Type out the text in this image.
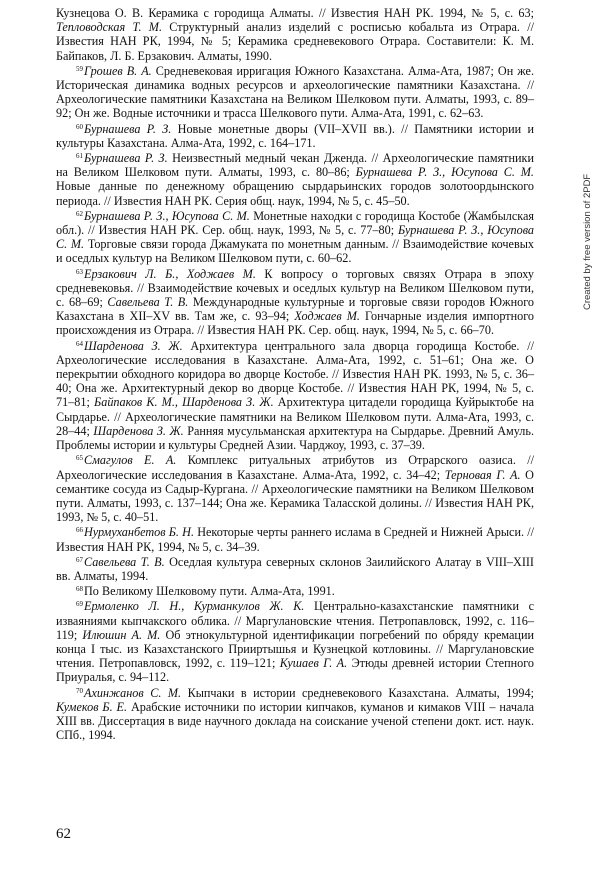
Кузнецова О. В. Керамика с городища Алматы. // Известия НАН РК. 1994, № 5, с. 63; Тепловодская Т. М. Структурный анализ изделий с росписью кобальта из Отрара. // Известия НАН РК, 1994, № 5; Керамика средневекового Отрара. Составители: К. М. Байпаков, Л. Б. Ерзакович. Алматы, 1990.

$^{59}$Грошев В. А. Средневековая ирригация Южного Казахстана. Алма-Ата, 1987; Он же. Историческая динамика водных ресурсов и археологические памятники Казахстана. // Археологические памятники Казахстана на Великом Шелковом пути. Алматы, 1993, с. 89–92; Он же. Водные источники и трасса Шелкового пути. Алма-Ата, 1991, с. 62–63.

$^{60}$Бурнашева Р. З. Новые монетные дворы (VII–XVII вв.). // Памятники истории и культуры Казахстана. Алма-Ата, 1992, с. 164–171.

$^{61}$Бурнашева Р. З. Неизвестный медный чекан Дженда. // Археологические памятники на Великом Шелковом пути. Алматы, 1993, с. 80–86; Бурнашева Р. З., Юсупова С. М. Новые данные по денежному обращению сырдарьинских городов золотоордынского периода. // Известия НАН РК. Серия общ. наук, 1994, № 5, с. 45–50.

$^{62}$Бурнашева Р. З., Юсупова С. М. Монетные находки с городища Костобе (Жамбылская обл.). // Известия НАН РК. Сер. общ. наук, 1993, № 5, с. 77–80; Бурнашева Р. З., Юсупова С. М. Торговые связи города Джамуката по монетным данным. // Взаимодействие кочевых и оседлых культур на Великом Шелковом пути, с. 60–62.

$^{63}$Ерзакович Л. Б., Ходжаев М. К вопросу о торговых связях Отрара в эпоху средневековья. // Взаимодействие кочевых и оседлых культур на Великом Шелковом пути, с. 68–69; Савельева Т. В. Международные культурные и торговые связи городов Южного Казахстана в XII–XV вв. Там же, с. 93–94; Ходжаев М. Гончарные изделия импортного происхождения из Отрара. // Известия НАН РК. Сер. общ. наук, 1994, № 5, с. 66–70.

$^{64}$Шарденова З. Ж. Архитектура центрального зала дворца городища Костобе. // Археологические исследования в Казахстане. Алма-Ата, 1992, с. 51–61; Она же. О перекрытии обходного коридора во дворце Костобе. // Известия НАН РК. 1993, № 5, с. 36–40; Она же. Архитектурный декор во дворце Костобе. // Известия НАН РК, 1994, № 5, с. 71–81; Байпаков К. М., Шарденова З. Ж. Архитектура цитадели городища Куйрыктобе на Сырдарье. // Археологические памятники на Великом Шелковом пути. Алма-Ата, 1993, с. 28–44; Шарденова З. Ж. Ранняя мусульманская архитектура на Сырдарье. Древний Амуль. Проблемы истории и культуры Средней Азии. Чарджоу, 1993, с. 37–39.

$^{65}$Смагулов Е. А. Комплекс ритуальных атрибутов из Отрарского оазиса. // Археологические исследования в Казахстане. Алма-Ата, 1992, с. 34–42; Терновая Г. А. О семантике сосуда из Садыр-Кургана. // Археологические памятники на Великом Шелковом пути. Алматы, 1993, с. 137–144; Она же. Керамика Таласской долины. // Известия НАН РК, 1993, № 5, с. 40–51.

$^{66}$Нурмуханбетов Б. Н. Некоторые черты раннего ислама в Средней и Нижней Арыси. // Известия НАН РК, 1994, № 5, с. 34–39.

$^{67}$Савельева Т. В. Оседлая культура северных склонов Заилийского Алатау в VIII–XIII вв. Алматы, 1994.

$^{68}$По Великому Шелковому пути. Алма-Ата, 1991.

$^{69}$Ермоленко Л. Н., Курманкулов Ж. К. Центрально-казахстанские памятники с изваяниями кыпчакского облика. // Маргулановские чтения. Петропавловск, 1992, с. 116–119; Илюшин А. М. Об этнокультурной идентификации погребений по обряду кремации конца I тыс. из Казахстанского Прииртышья и Кузнецкой котловины. // Маргулановские чтения. Петропавловск, 1992, с. 119–121; Кушаев Г. А. Этюды древней истории Степного Приуралья, с. 94–112.

$^{70}$Ахинжанов С. М. Кыпчаки в истории средневекового Казахстана. Алматы, 1994; Кумеков Б. Е. Арабские источники по истории кипчаков, куманов и кимаков VIII – начала XIII вв. Диссертация в виде научного доклада на соискание ученой степени докт. ист. наук. СПб., 1994.

62
Created by free version of 2PDF
